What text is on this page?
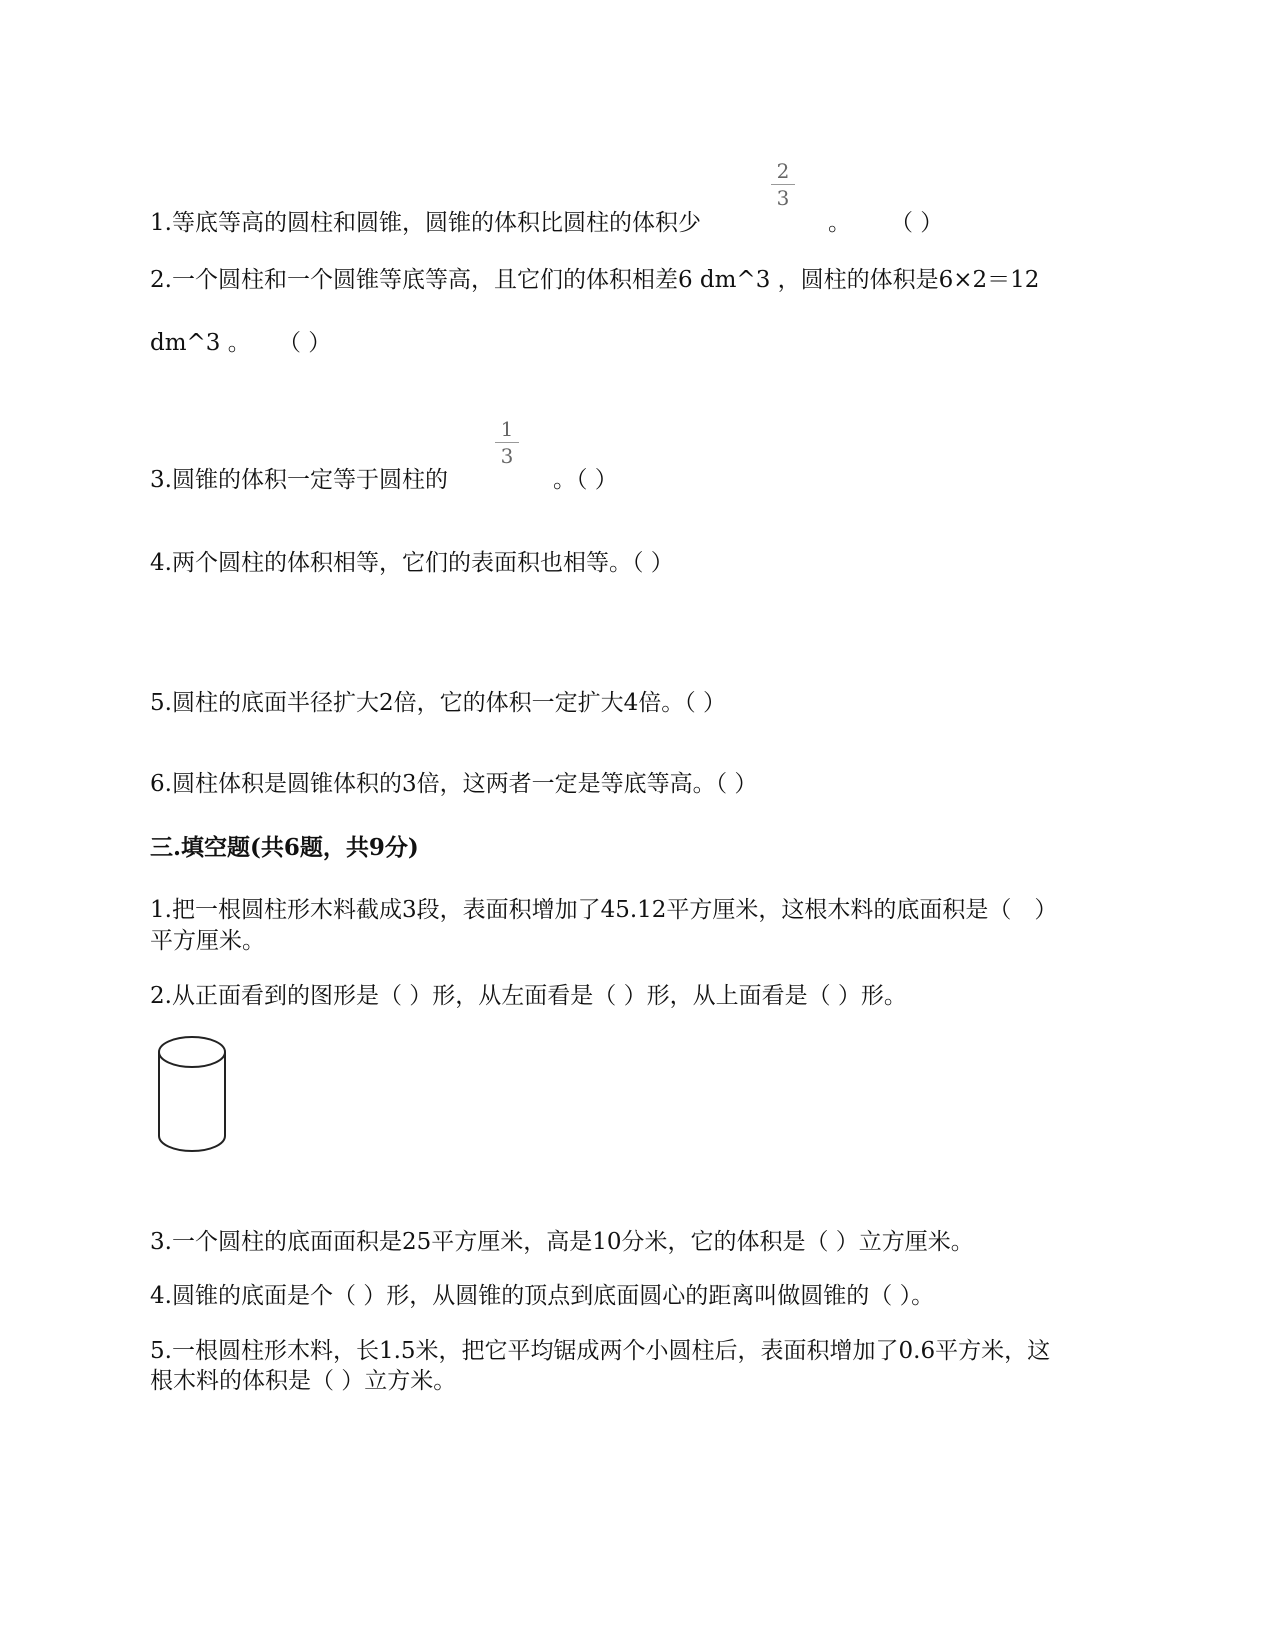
1.等底等高的圆柱和圆锥，圆锥的体积比圆柱的体积少
2
3
。 （ ）
2.一个圆柱和一个圆锥等底等高，且它们的体积相差6 dm^3 ，圆柱的体积是6×2＝12
dm^3 。 （ ）
3.圆锥的体积一定等于圆柱的
1
3
。（ ）
4.两个圆柱的体积相等，它们的表面积也相等。（ ）
5.圆柱的底面半径扩大2倍，它的体积一定扩大4倍。（ ）
6.圆柱体积是圆锥体积的3倍，这两者一定是等底等高。（ ）
三.填空题(共6题，共9分)
1.把一根圆柱形木料截成3段，表面积增加了45.12平方厘米，这根木料的底面积是（　）
平方厘米。
2.从正面看到的图形是（ ）形，从左面看是（ ）形，从上面看是（ ）形。
3.一个圆柱的底面面积是25平方厘米，高是10分米，它的体积是（ ）立方厘米。
4.圆锥的底面是个（ ）形，从圆锥的顶点到底面圆心的距离叫做圆锥的（ ）。
5.一根圆柱形木料，长1.5米，把它平均锯成两个小圆柱后，表面积增加了0.6平方米，这
根木料的体积是（ ）立方米。
